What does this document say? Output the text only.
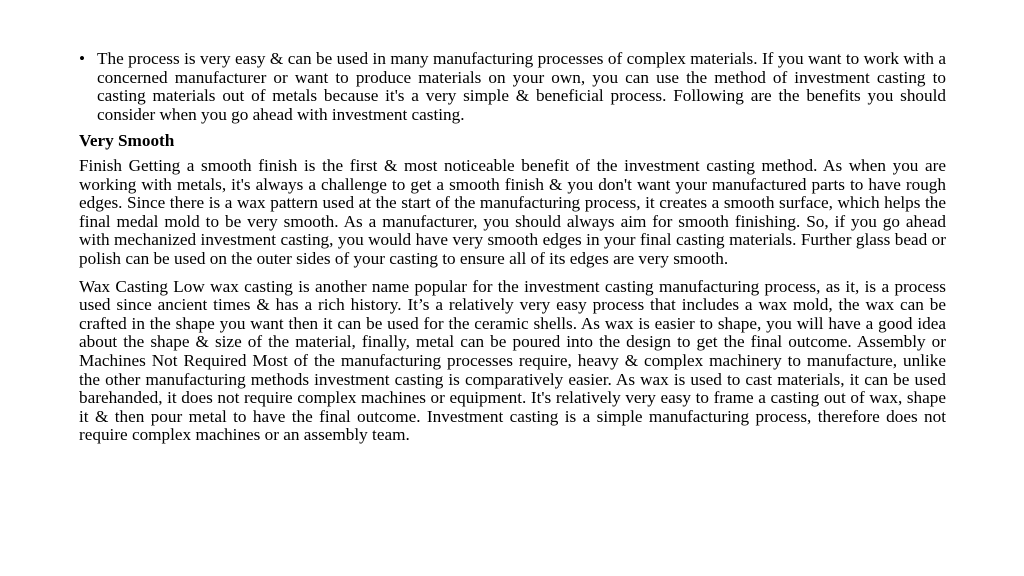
• The process is very easy & can be used in many manufacturing processes of complex materials. If you want to work with a concerned manufacturer or want to produce materials on your own, you can use the method of investment casting to casting materials out of metals because it's a very simple & beneficial process. Following are the benefits you should consider when you go ahead with investment casting.
Very Smooth

Finish Getting a smooth finish is the first & most noticeable benefit of the investment casting method. As when you are working with metals, it's always a challenge to get a smooth finish & you don't want your manufactured parts to have rough edges. Since there is a wax pattern used at the start of the manufacturing process, it creates a smooth surface, which helps the final medal mold to be very smooth. As a manufacturer, you should always aim for smooth finishing. So, if you go ahead with mechanized investment casting, you would have very smooth edges in your final casting materials. Further glass bead or polish can be used on the outer sides of your casting to ensure all of its edges are very smooth.

Wax Casting Low wax casting is another name popular for the investment casting manufacturing process, as it, is a process used since ancient times & has a rich history. It’s a relatively very easy process that includes a wax mold, the wax can be crafted in the shape you want then it can be used for the ceramic shells. As wax is easier to shape, you will have a good idea about the shape & size of the material, finally, metal can be poured into the design to get the final outcome. Assembly or Machines Not Required Most of the manufacturing processes require, heavy & complex machinery to manufacture, unlike the other manufacturing methods investment casting is comparatively easier. As wax is used to cast materials, it can be used barehanded, it does not require complex machines or equipment. It's relatively very easy to frame a casting out of wax, shape it & then pour metal to have the final outcome. Investment casting is a simple manufacturing process, therefore does not require complex machines or an assembly team.
